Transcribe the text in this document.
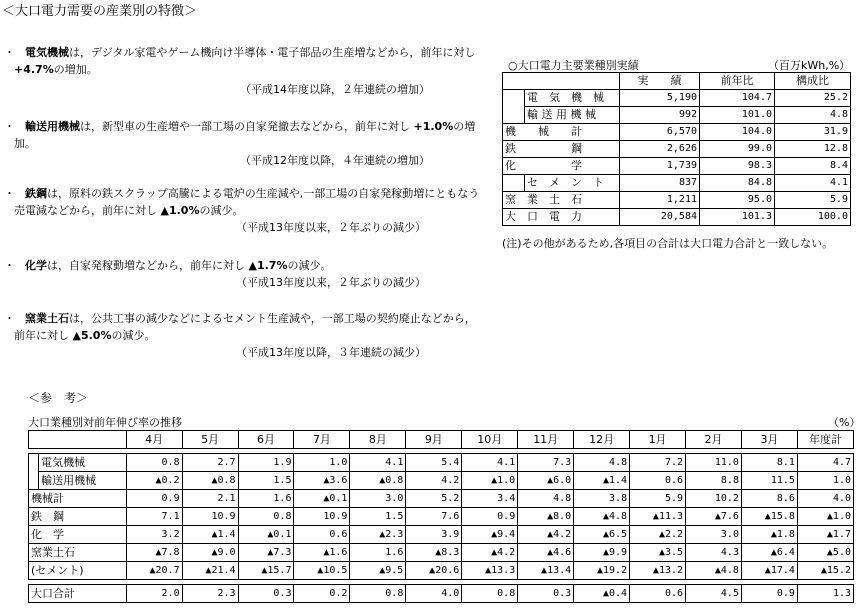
＜大口電力需要の産業別の特徴＞
・
　 電気機械は，デジタル家電やゲーム機向け半導体・電子部品の生産増などから，前年に対し +4.7%の増加。
（平成14年度以降，２年連続の増加）
・
　 輸送用機械は，新型車の生産増や一部工場の自家発撤去などから，前年に対し +1.0%の増加。
（平成12年度以降，４年連続の増加）
・
　 鉄鋼は，原料の鉄スクラップ高騰による電炉の生産減や,一部工場の自家発稼動増にともなう売電減などから，前年に対し ▲1.0%の減少。
（平成13年度以来，２年ぶりの減少）
・
　 化学は，自家発稼動増などから，前年に対し ▲1.7%の減少。
（平成13年度以来，２年ぶりの減少）
・
　 窯業土石は，公共工事の減少などによるセメント生産減や，一部工場の契約廃止などから，前年に対し ▲5.0%の減少。
（平成13年度以降，３年連続の減少）
○大口電力主要業種別実績	（百万kWh,%）
		実　　績	前年比	構成比
	電　気　機　械	5,190	104.7	25.2
	輸 送 用 機 械	992	101.0	4.8
機　　械　　計		6,570	104.0	31.9
鉄　　　　　鋼		2,626	99.0	12.8
化　　　　　学		1,739	98.3	8.4
	セ　メ　ン　ト	837	84.8	4.1
窯　業　土　石		1,211	95.0	5.9
大　口　電　力		20,584	101.3	100.0
(注)その他があるため,各項目の合計は大口電力合計と一致しない。
＜参　考＞
大口業種別対前年伸び率の推移	（%）
		4月	5月	6月	7月	8月	9月	10月	11月	12月	1月	2月	3月	年度計

	電気機械	0.8	2.7	1.9	1.0	4.1	5.4	4.1	7.3	4.8	7.2	11.0	8.1	4.7
	輸送用機械	▲0.2	▲0.8	1.5	▲3.6	▲0.8	4.2	▲1.0	▲6.0	▲1.4	0.6	8.8	11.5	1.0
機械計		0.9	2.1	1.6	▲0.1	3.0	5.2	3.4	4.8	3.8	5.9	10.2	8.6	4.0
鉄　鋼		7.1	10.9	0.8	10.9	1.5	7.6	0.9	▲8.0	▲4.8	▲11.3	▲7.6	▲15.8	▲1.0
化　学		3.2	▲1.4	▲0.1	0.6	▲2.3	3.9	▲9.4	▲4.2	▲6.5	▲2.2	3.0	▲1.8	▲1.7
窯業土石		▲7.8	▲9.0	▲7.3	▲1.6	1.6	▲8.3	▲4.2	▲4.6	▲9.9	▲3.5	4.3	▲6.4	▲5.0
(セメント)		▲20.7	▲21.4	▲15.7	▲10.5	▲9.5	▲20.6	▲13.3	▲13.4	▲19.2	▲13.2	▲4.8	▲17.4	▲15.2

大口合計		2.0	2.3	0.3	0.2	0.8	4.0	0.8	0.3	▲0.4	0.6	4.5	0.9	1.3
